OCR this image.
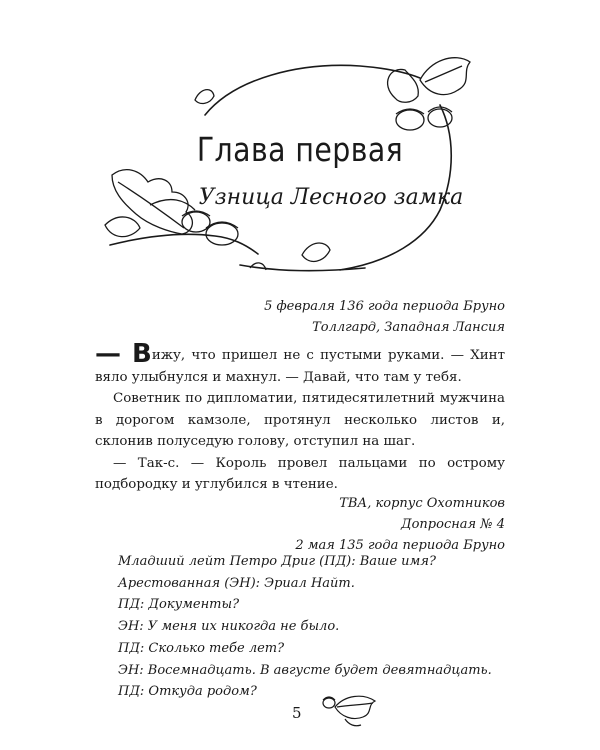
Глава первая
Узница Лесного замка
5 февраля 136 года периода Бруно
Толлгард, Западная Лансия

— Вижу, что пришел не с пустыми руками. — Хинт вяло улыбнулся и махнул. — Давай, что там у тебя.

Советник по дипломатии, пятидесятилетний мужчина в дорогом камзоле, протянул несколько листов и, склонив полуседую голову, отступил на шаг.

— Так-с. — Король провел пальцами по острому подбородку и углубился в чтение.

ТВА, корпус Охотников
Допросная № 4
2 мая 135 года периода Бруно
Младший лейт Петро Дриг (ПД): Ваше имя?
Арестованная (ЭН): Эриал Найт.
ПД: Документы?
ЭН: У меня их никогда не было.
ПД: Сколько тебе лет?
ЭН: Восемнадцать. В августе будет девятнадцать.
ПД: Откуда родом?
5
